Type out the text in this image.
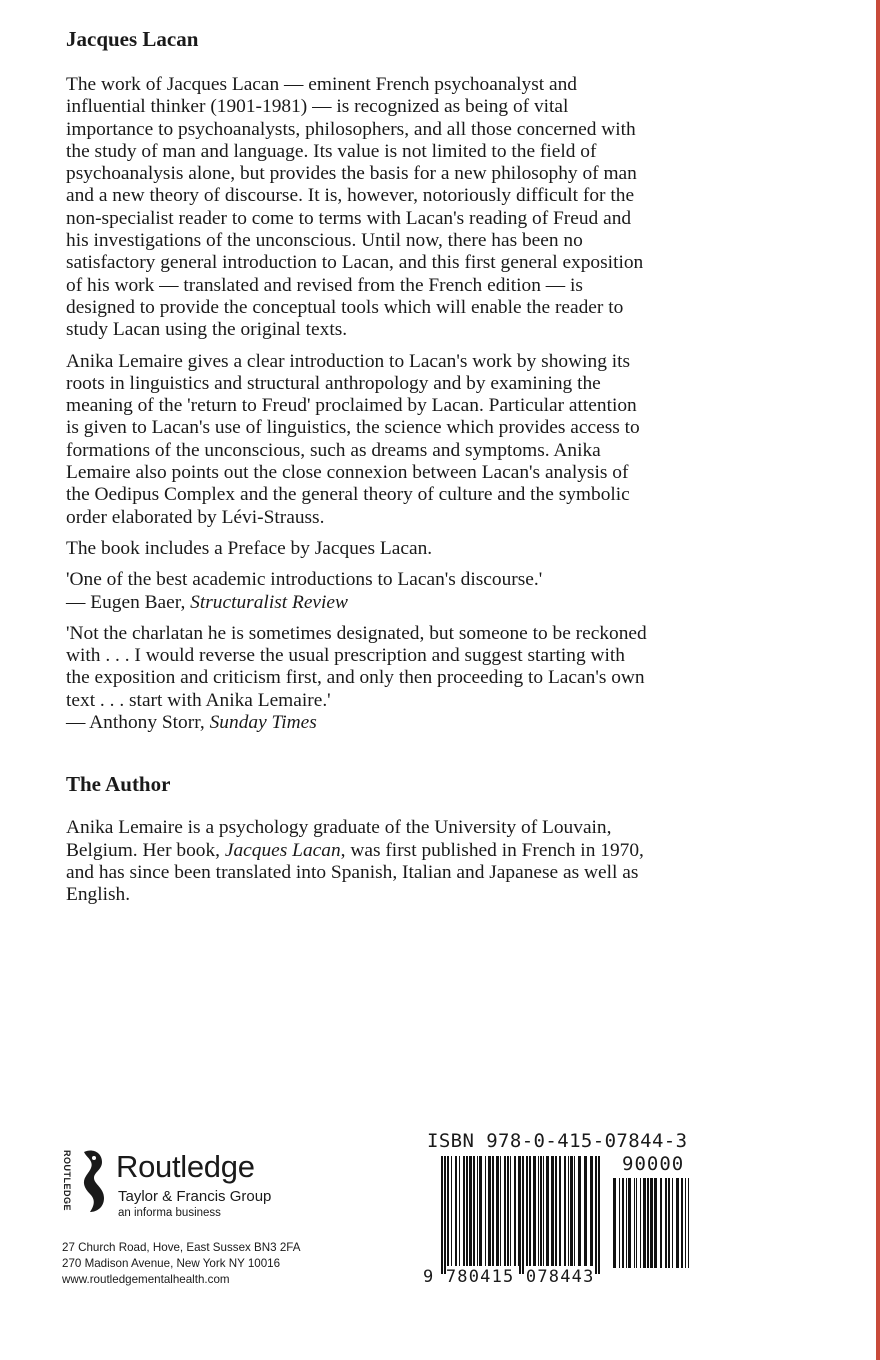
Jacques Lacan

The work of Jacques Lacan — eminent French psychoanalyst and influential thinker (1901-1981) — is recognized as being of vital importance to psychoanalysts, philosophers, and all those concerned with the study of man and language. Its value is not limited to the field of psychoanalysis alone, but provides the basis for a new philosophy of man and a new theory of discourse. It is, however, notoriously difficult for the non-specialist reader to come to terms with Lacan's reading of Freud and his investigations of the unconscious. Until now, there has been no satisfactory general introduction to Lacan, and this first general exposition of his work — translated and revised from the French edition — is designed to provide the conceptual tools which will enable the reader to study Lacan using the original texts.

Anika Lemaire gives a clear introduction to Lacan's work by showing its roots in linguistics and structural anthropology and by examining the meaning of the 'return to Freud' proclaimed by Lacan. Particular attention is given to Lacan's use of linguistics, the science which provides access to formations of the unconscious, such as dreams and symptoms. Anika Lemaire also points out the close connexion between Lacan's analysis of the Oedipus Complex and the general theory of culture and the symbolic order elaborated by Lévi-Strauss.

The book includes a Preface by Jacques Lacan.

'One of the best academic introductions to Lacan's discourse.'
— Eugen Baer, Structuralist Review
'Not the charlatan he is sometimes designated, but someone to be reckoned with . . . I would reverse the usual prescription and suggest starting with the exposition and criticism first, and only then proceeding to Lacan's own text . . . start with Anika Lemaire.'
— Anthony Storr, Sunday Times
The Author

Anika Lemaire is a psychology graduate of the University of Louvain, Belgium. Her book, Jacques Lacan, was first published in French in 1970, and has since been translated into Spanish, Italian and Japanese as well as English.

ROUTLEDGE Routledge
Taylor & Francis Group
an informa business
27 Church Road, Hove, East Sussex BN3 2FA
270 Madison Avenue, New York NY 10016
www.routledgementalhealth.com
ISBN 978-0-415-07844-3
90000
9 780415 078443
